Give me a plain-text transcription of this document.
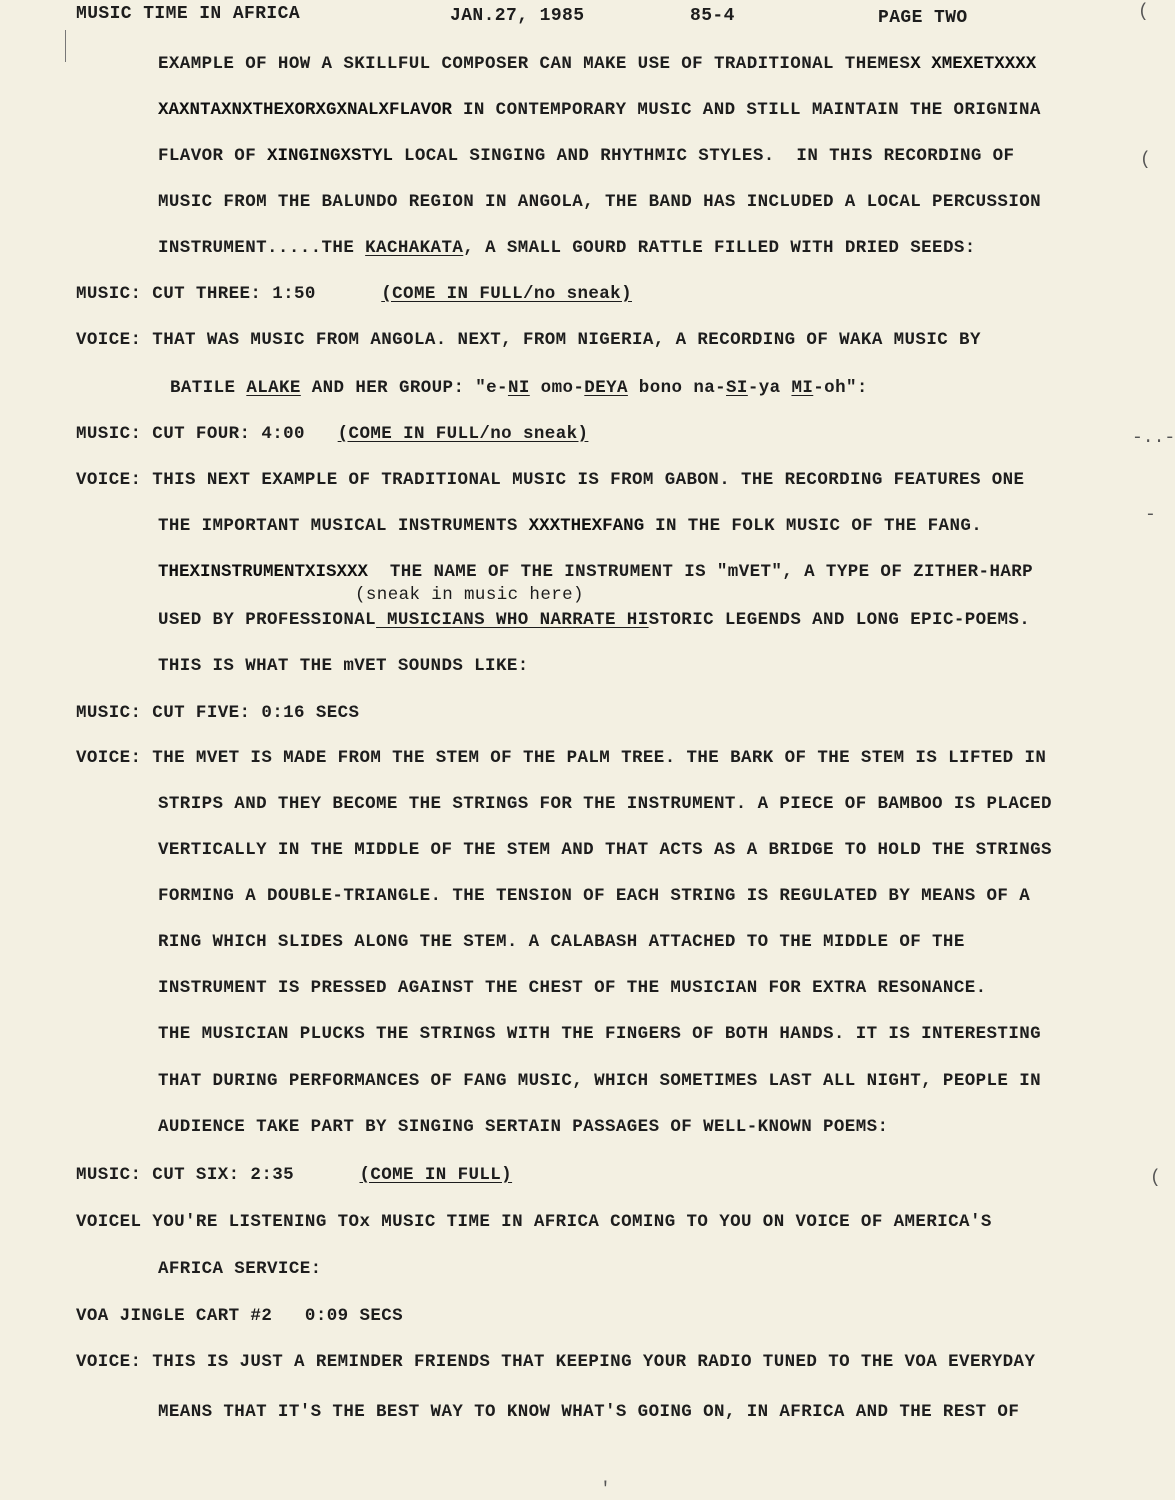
MUSIC TIME IN AFRICA	JAN.27, 1985	85-4	PAGE TWO
EXAMPLE OF HOW A SKILLFUL COMPOSER CAN MAKE USE OF TRADITIONAL THEMESX XMEXETXXXX
XAXNTAXNXTHEXORXGXNALXFLAVOR IN CONTEMPORARY MUSIC AND STILL MAINTAIN THE ORIGNINA
FLAVOR OF XINGINGXSTYL LOCAL SINGING AND RHYTHMIC STYLES.  IN THIS RECORDING OF
MUSIC FROM THE BALUNDO REGION IN ANGOLA, THE BAND HAS INCLUDED A LOCAL PERCUSSION
INSTRUMENT.....THE KACHAKATA, A SMALL GOURD RATTLE FILLED WITH DRIED SEEDS:
MUSIC: CUT THREE: 1:50      (COME IN FULL/no sneak)
VOICE: THAT WAS MUSIC FROM ANGOLA. NEXT, FROM NIGERIA, A RECORDING OF WAKA MUSIC BY
BATILE ALAKE AND HER GROUP: "e-NI omo-DEYA bono na-SI-ya MI-oh":
MUSIC: CUT FOUR: 4:00   (COME IN FULL/no sneak)
VOICE: THIS NEXT EXAMPLE OF TRADITIONAL MUSIC IS FROM GABON. THE RECORDING FEATURES ONE
THE IMPORTANT MUSICAL INSTRUMENTS XXXTHEXFANG IN THE FOLK MUSIC OF THE FANG.
THEXINSTRUMENTXISXXX  THE NAME OF THE INSTRUMENT IS "mVET", A TYPE OF ZITHER-HARP
(sneak in music here)
USED BY PROFESSIONAL MUSICIANS WHO NARRATE HISTORIC LEGENDS AND LONG EPIC-POEMS.
THIS IS WHAT THE mVET SOUNDS LIKE:
MUSIC: CUT FIVE: 0:16 SECS
VOICE: THE MVET IS MADE FROM THE STEM OF THE PALM TREE. THE BARK OF THE STEM IS LIFTED IN
STRIPS AND THEY BECOME THE STRINGS FOR THE INSTRUMENT. A PIECE OF BAMBOO IS PLACED
VERTICALLY IN THE MIDDLE OF THE STEM AND THAT ACTS AS A BRIDGE TO HOLD THE STRINGS
FORMING A DOUBLE-TRIANGLE. THE TENSION OF EACH STRING IS REGULATED BY MEANS OF A
RING WHICH SLIDES ALONG THE STEM. A CALABASH ATTACHED TO THE MIDDLE OF THE
INSTRUMENT IS PRESSED AGAINST THE CHEST OF THE MUSICIAN FOR EXTRA RESONANCE.
THE MUSICIAN PLUCKS THE STRINGS WITH THE FINGERS OF BOTH HANDS. IT IS INTERESTING
THAT DURING PERFORMANCES OF FANG MUSIC, WHICH SOMETIMES LAST ALL NIGHT, PEOPLE IN
AUDIENCE TAKE PART BY SINGING SERTAIN PASSAGES OF WELL-KNOWN POEMS:
MUSIC: CUT SIX: 2:35      (COME IN FULL)
VOICEL YOU'RE LISTENING TOx MUSIC TIME IN AFRICA COMING TO YOU ON VOICE OF AMERICA'S
AFRICA SERVICE:
VOA JINGLE CART #2   0:09 SECS
VOICE: THIS IS JUST A REMINDER FRIENDS THAT KEEPING YOUR RADIO TUNED TO THE VOA EVERYDAY
MEANS THAT IT'S THE BEST WAY TO KNOW WHAT'S GOING ON, IN AFRICA AND THE REST OF
(
(
-
-..-
(
'
